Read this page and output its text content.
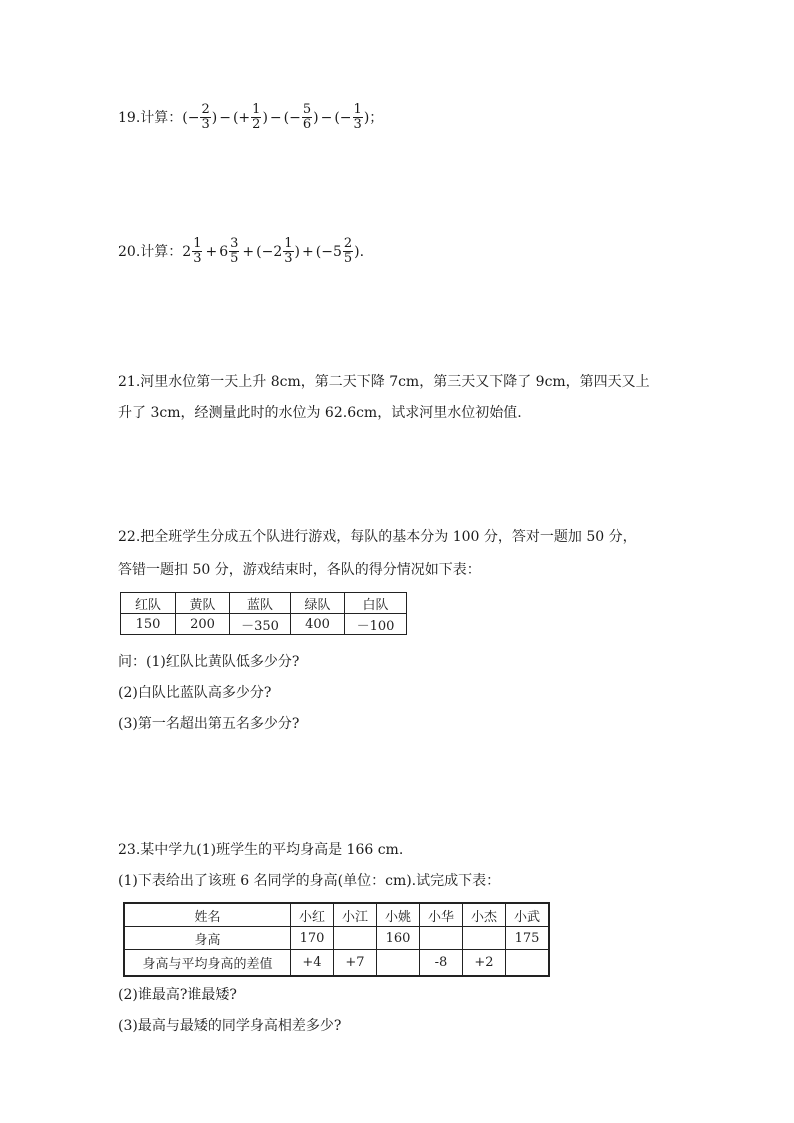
19.计算： (− $\frac{2}{3}$ ) − (+ $\frac{1}{2}$ ) − (− $\frac{5}{6}$ ) − (− $\frac{1}{3}$ ) ；
20.计算： $2 \frac{1}{3} + 6 \frac{3}{5}$ + (− $2 \frac{1}{3}$ ) + (− $5 \frac{2}{5}$ ) .
21.河里水位第一天上升 8cm，第二天下降 7cm，第三天又下降了 9cm，第四天又上
升了 3cm，经测量此时的水位为 62.6cm，试求河里水位初始值.
22.把全班学生分成五个队进行游戏，每队的基本分为 100 分，答对一题加 50 分，
答错一题扣 50 分，游戏结束时，各队的得分情况如下表：
红队	黄队	蓝队	绿队	白队
150	200	－350	400	－100
问：(1)红队比黄队低多少分?
(2)白队比蓝队高多少分?
(3)第一名超出第五名多少分?
23.某中学九(1)班学生的平均身高是 166 cm.
(1)下表给出了该班 6 名同学的身高(单位：cm).试完成下表：
姓名	小红	小江	小姚	小华	小杰	小武
身高	170		160			175
身高与平均身高的差值	+4	+7		-8	+2	
(2)谁最高?谁最矮?
(3)最高与最矮的同学身高相差多少?
